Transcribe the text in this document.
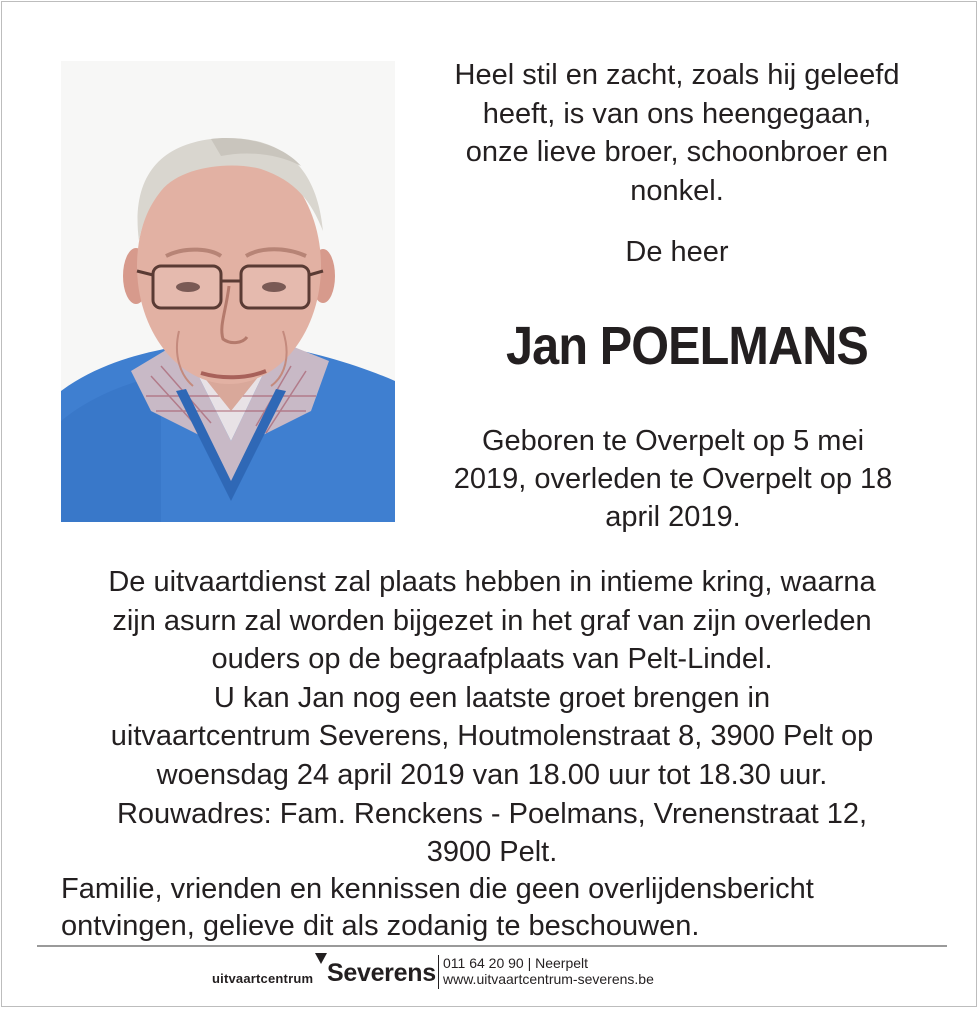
Heel stil en zacht, zoals hij geleefd
heeft, is van ons heengegaan,
onze lieve broer, schoonbroer en
nonkel.
De heer
Jan POELMANS
Geboren te Overpelt op 5 mei
2019, overleden te Overpelt op 18
april 2019.
De uitvaartdienst zal plaats hebben in intieme kring, waarna
zijn asurn zal worden bijgezet in het graf van zijn overleden
ouders op de begraafplaats van Pelt-Lindel.
U kan Jan nog een laatste groet brengen in
uitvaartcentrum Severens, Houtmolenstraat 8, 3900 Pelt op
woensdag 24 april 2019 van 18.00 uur tot 18.30 uur.
Rouwadres: Fam. Renckens - Poelmans, Vrenenstraat 12,
3900 Pelt.
Familie, vrienden en kennissen die geen overlijdensbericht
ontvingen, gelieve dit als zodanig te beschouwen.
uitvaartcentrum Severens 011 64 20 90 | Neerpelt
www.uitvaartcentrum-severens.be
